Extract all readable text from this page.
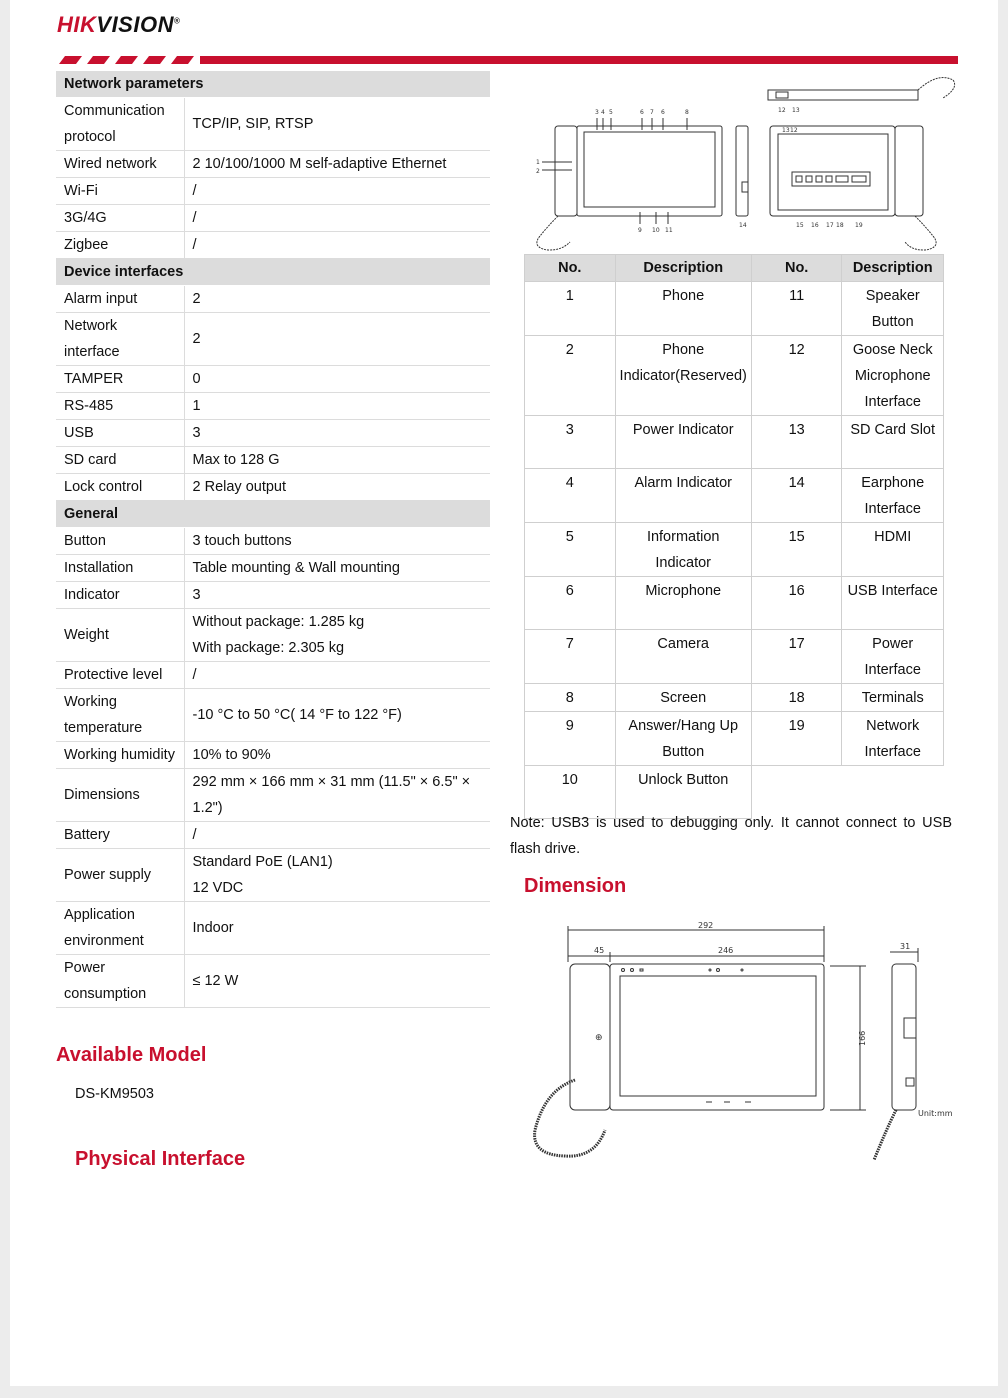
HIKVISION®
Network parameters	
Communication protocol	TCP/IP, SIP, RTSP

Wired network	2 10/100/1000 M self-adaptive Ethernet

Wi-Fi	/

3G/4G	/

Zigbee	/

Device interfaces	
Alarm input	2

Network interface	2

TAMPER	0

RS-485	1

USB	3

SD card	Max to 128 G

Lock control	2 Relay output

General	
Button	3 touch buttons

Installation	Table mounting & Wall mounting

Indicator	3

Weight	Without package: 1.285 kg
With package: 2.305 kg

Protective level	/

Working temperature	-10 °C to 50 °C( 14 °F to 122 °F)

Working humidity	10% to 90%

Dimensions	292 mm × 166 mm × 31 mm (11.5" × 6.5" × 1.2")

Battery	/

Power supply	Standard PoE (LAN1)
12 VDC

Application environment	Indoor

Power consumption	≤ 12 W
Available Model
DS-KM9503
Physical Interface
3 4 5	6 7 6	8
1
2
9 10 11
14
12 13
13 12
15 16 17 18 19
No.	Description	No.	Description
1	Phone	11	Speaker Button
2	Phone Indicator(Reserved)	12	Goose Neck Microphone Interface
3	Power Indicator	13	SD Card Slot
4	Alarm Indicator	14	Earphone Interface
5	Information Indicator	15	HDMI
6	Microphone	16	USB Interface
7	Camera	17	Power Interface
8	Screen	18	Terminals
9	Answer/Hang Up Button	19	Network Interface
10	Unlock Button		
Note: USB3 is used to debugging only. It cannot connect to USB flash drive.
Dimension
⊕
292
45	246	31
166
Unit:mm
